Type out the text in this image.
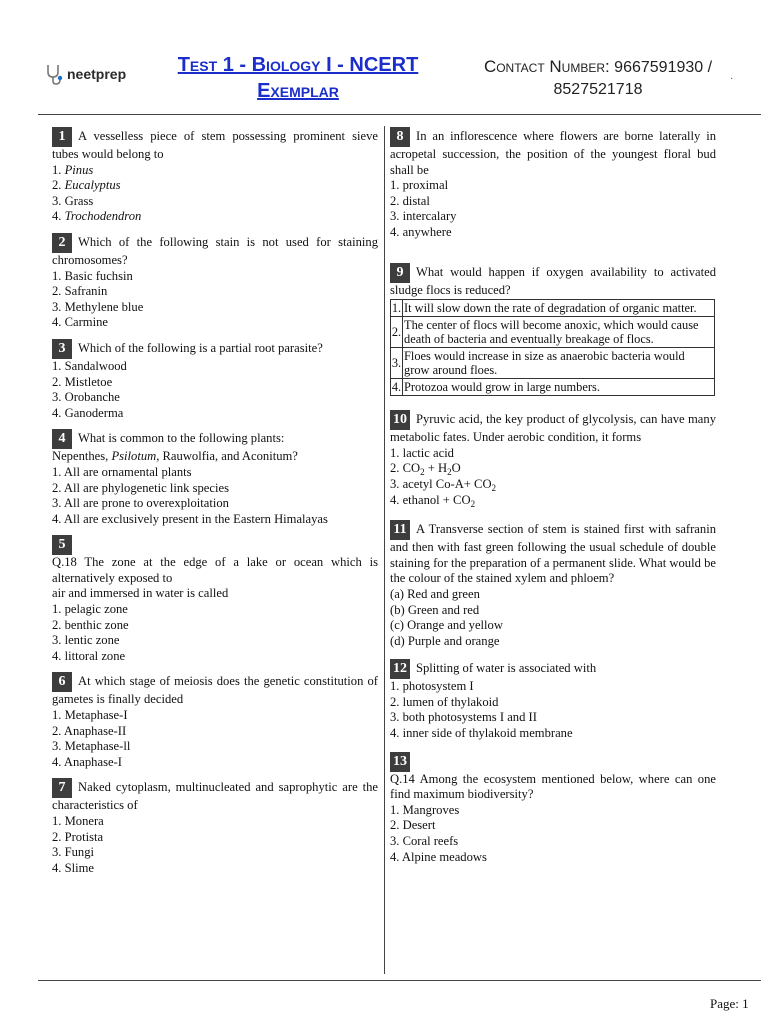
neetprep	Test 1 - Biology I - NCERT Exemplar
Contact Number: 9667591930 / 8527521718
·
1 A vesselless piece of stem possessing prominent sieve tubes would belong to
1. Pinus
2. Eucalyptus
3. Grass
4. Trochodendron
2 Which of the following stain is not used for staining chromosomes?
1. Basic fuchsin
2. Safranin
3. Methylene blue
4. Carmine
3 Which of the following is a partial root parasite?
1. Sandalwood
2. Mistletoe
3. Orobanche
4. Ganoderma
4 What is common to the following plants:
Nepenthes, Psilotum, Rauwolfia, and Aconitum?
1. All are ornamental plants
2. All are phylogenetic link species
3. All are prone to overexploitation
4. All are exclusively present in the Eastern Himalayas
5
Q.18 The zone at the edge of a lake or ocean which is alternatively exposed to
air and immersed in water is called
1. pelagic zone
2. benthic zone
3. lentic zone
4. littoral zone
6 At which stage of meiosis does the genetic constitution of gametes is finally decided
1. Metaphase-I
2. Anaphase-II
3. Metaphase-ll
4. Anaphase-I
7 Naked cytoplasm, multinucleated and saprophytic are the characteristics of
1. Monera
2. Protista
3. Fungi
4. Slime
8 In an inflorescence where flowers are borne laterally in acropetal succession, the position of the youngest floral bud shall be
1. proximal
2. distal
3. intercalary
4. anywhere
9 What would happen if oxygen availability to activated sludge flocs is reduced?
1.	It will slow down the rate of degradation of organic matter.
2.	The center of flocs will become anoxic, which would cause death of bacteria and eventually breakage of flocs.
3.	Floes would increase in size as anaerobic bacteria would grow around floes.
4.	Protozoa would grow in large numbers.
10 Pyruvic acid, the key product of glycolysis, can have many metabolic fates. Under aerobic condition, it forms
1. lactic acid
2. $CO_2 + H_2O$
3. acetyl $Co-A+ CO_2$
4. ethanol + $CO_2$
11 A Transverse section of stem is stained first with safranin and then with fast green following the usual schedule of double staining for the preparation of a permanent slide. What would be the colour of the stained xylem and phloem?
(a) Red and green
(b) Green and red
(c) Orange and yellow
(d) Purple and orange
12 Splitting of water is associated with
1. photosystem I
2. lumen of thylakoid
3. both photosystems I and II
4. inner side of thylakoid membrane
13
Q.14 Among the ecosystem mentioned below, where can one find maximum biodiversity?
1. Mangroves
2. Desert
3. Coral reefs
4. Alpine meadows
Page: 1
